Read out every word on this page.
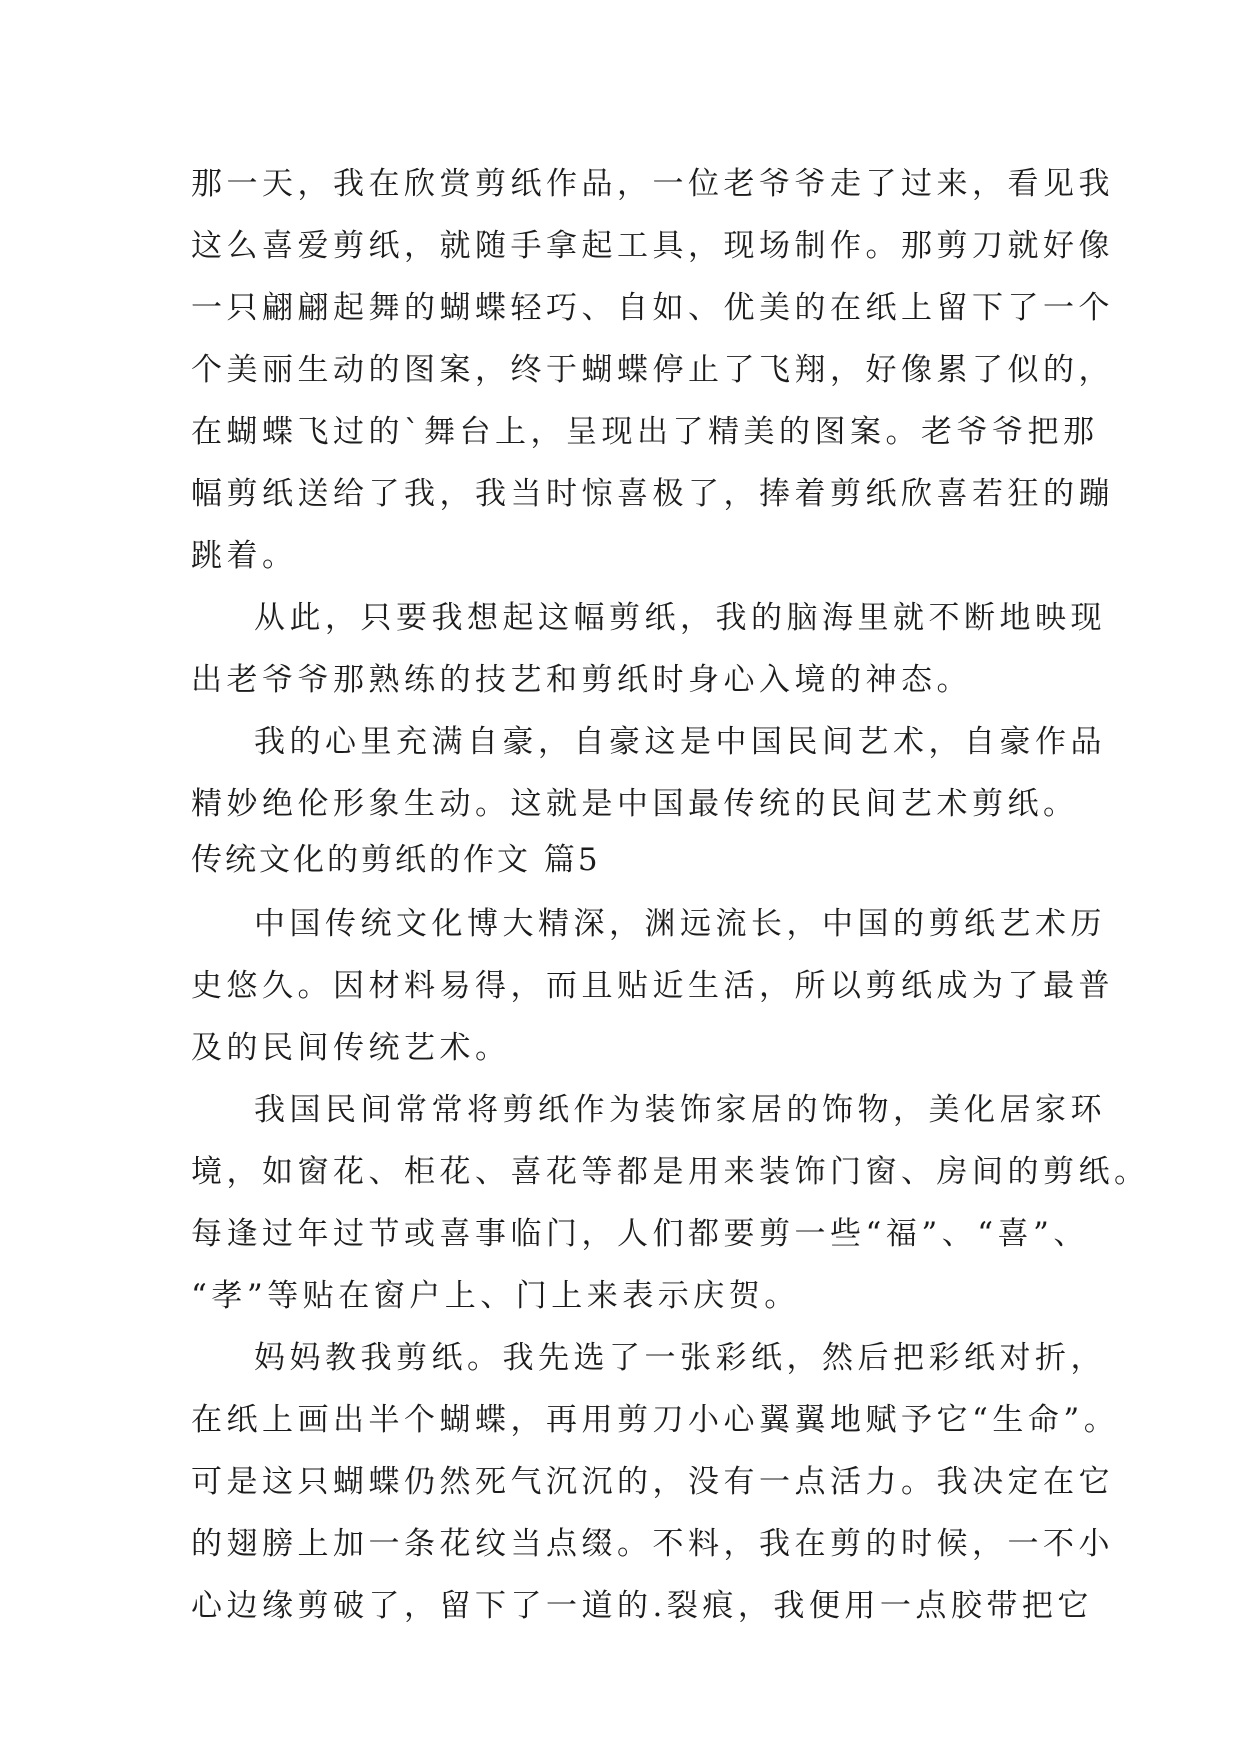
那一天，我在欣赏剪纸作品，一位老爷爷走了过来，看见我
这么喜爱剪纸，就随手拿起工具，现场制作。那剪刀就好像
一只翩翩起舞的蝴蝶轻巧、自如、优美的在纸上留下了一个
个美丽生动的图案，终于蝴蝶停止了飞翔，好像累了似的，
在蝴蝶飞过的`舞台上，呈现出了精美的图案。老爷爷把那
幅剪纸送给了我，我当时惊喜极了，捧着剪纸欣喜若狂的蹦
跳着。
从此，只要我想起这幅剪纸，我的脑海里就不断地映现
出老爷爷那熟练的技艺和剪纸时身心入境的神态。
我的心里充满自豪，自豪这是中国民间艺术，自豪作品
精妙绝伦形象生动。这就是中国最传统的民间艺术剪纸。
传统文化的剪纸的作文 篇5
中国传统文化博大精深，渊远流长，中国的剪纸艺术历
史悠久。因材料易得，而且贴近生活，所以剪纸成为了最普
及的民间传统艺术。
我国民间常常将剪纸作为装饰家居的饰物，美化居家环
境，如窗花、柜花、喜花等都是用来装饰门窗、房间的剪纸。
每逢过年过节或喜事临门，人们都要剪一些“福”、“喜”、
“孝”等贴在窗户上、门上来表示庆贺。
妈妈教我剪纸。我先选了一张彩纸，然后把彩纸对折，
在纸上画出半个蝴蝶，再用剪刀小心翼翼地赋予它“生命”。
可是这只蝴蝶仍然死气沉沉的，没有一点活力。我决定在它
的翅膀上加一条花纹当点缀。不料，我在剪的时候，一不小
心边缘剪破了，留下了一道的.裂痕，我便用一点胶带把它
